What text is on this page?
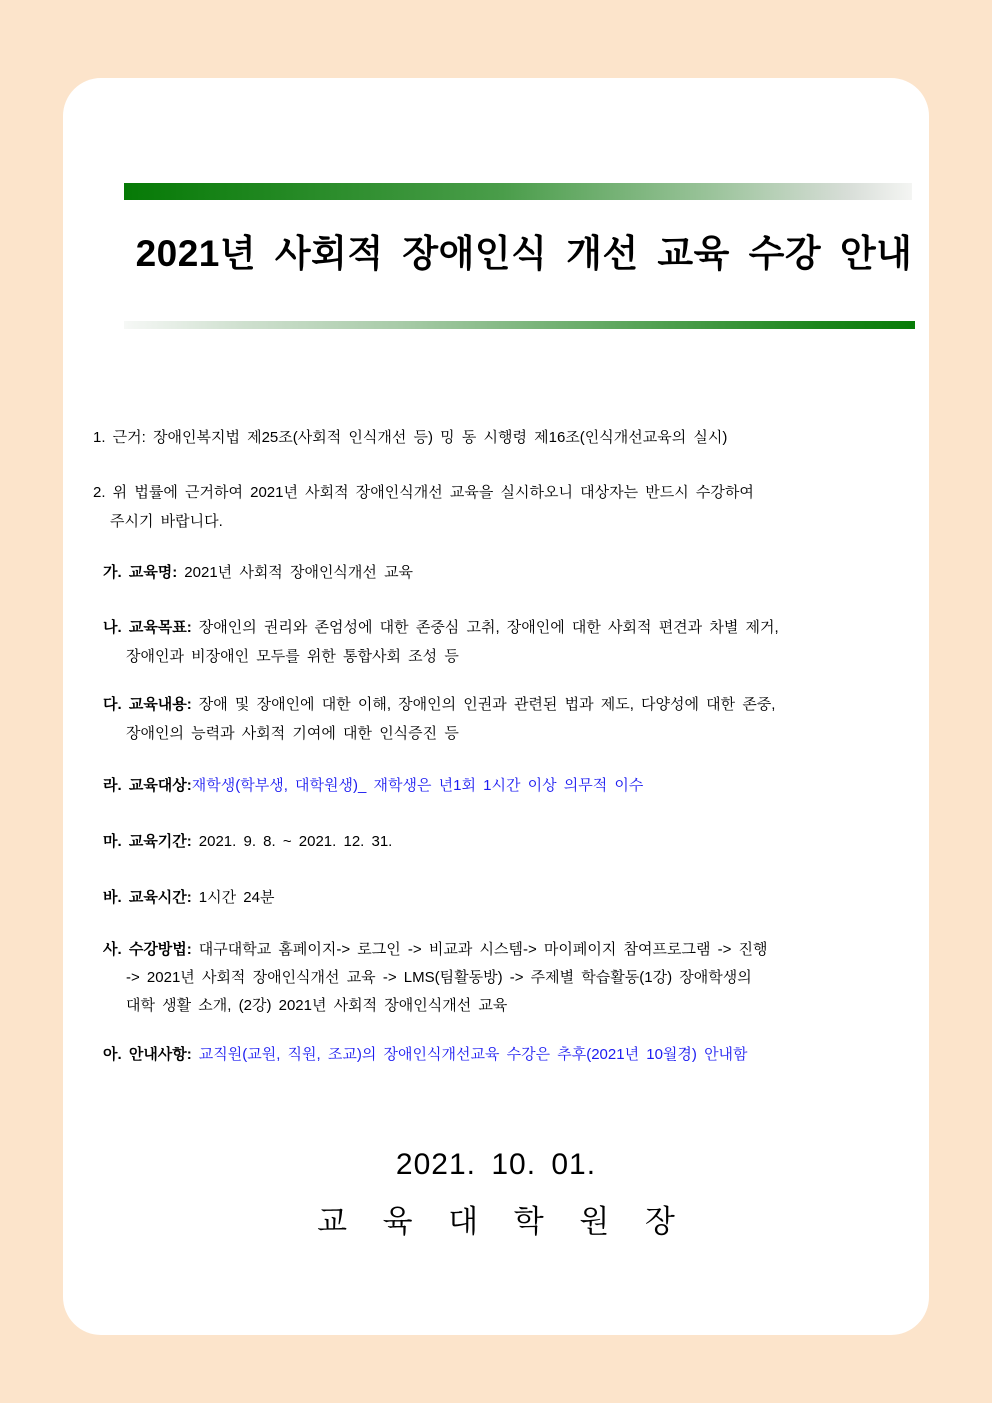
2021년 사회적 장애인식 개선 교육 수강 안내
1. 근거: 장애인복지법 제25조(사회적 인식개선 등) 밍 동 시행령 제16조(인식개선교육의 실시)
2. 위 법률에 근거하여 2021년 사회적 장애인식개선 교육을 실시하오니 대상자는 반드시 수강하여
주시기 바랍니다.
가. 교육명: 2021년 사회적 장애인식개선 교육
나. 교육목표: 장애인의 권리와 존엄성에 대한 존중심 고취, 장애인에 대한 사회적 편견과 차별 제거,
장애인과 비장애인 모두를 위한 통합사회 조성 등
다. 교육내용: 장애 및 장애인에 대한 이해, 장애인의 인권과 관련된 법과 제도, 다양성에 대한 존중,
장애인의 능력과 사회적 기여에 대한 인식증진 등
라. 교육대상:재학생(학부생, 대학원생)_ 재학생은 년1회 1시간 이상 의무적 이수
마. 교육기간: 2021. 9. 8. ~ 2021. 12. 31.
바. 교육시간: 1시간 24분
사. 수강방법: 대구대학교 홈페이지-> 로그인 -> 비교과 시스템-> 마이페이지 참여프로그램 -> 진행
-> 2021년 사회적 장애인식개선 교육 -> LMS(팀활동방) -> 주제별 학습활동(1강) 장애학생의
대학 생활 소개, (2강) 2021년 사회적 장애인식개선 교육
아. 안내사항: 교직원(교원, 직원, 조교)의 장애인식개선교육 수강은 추후(2021년 10월경) 안내함
2021. 10. 01.
교 육 대 학 원 장
